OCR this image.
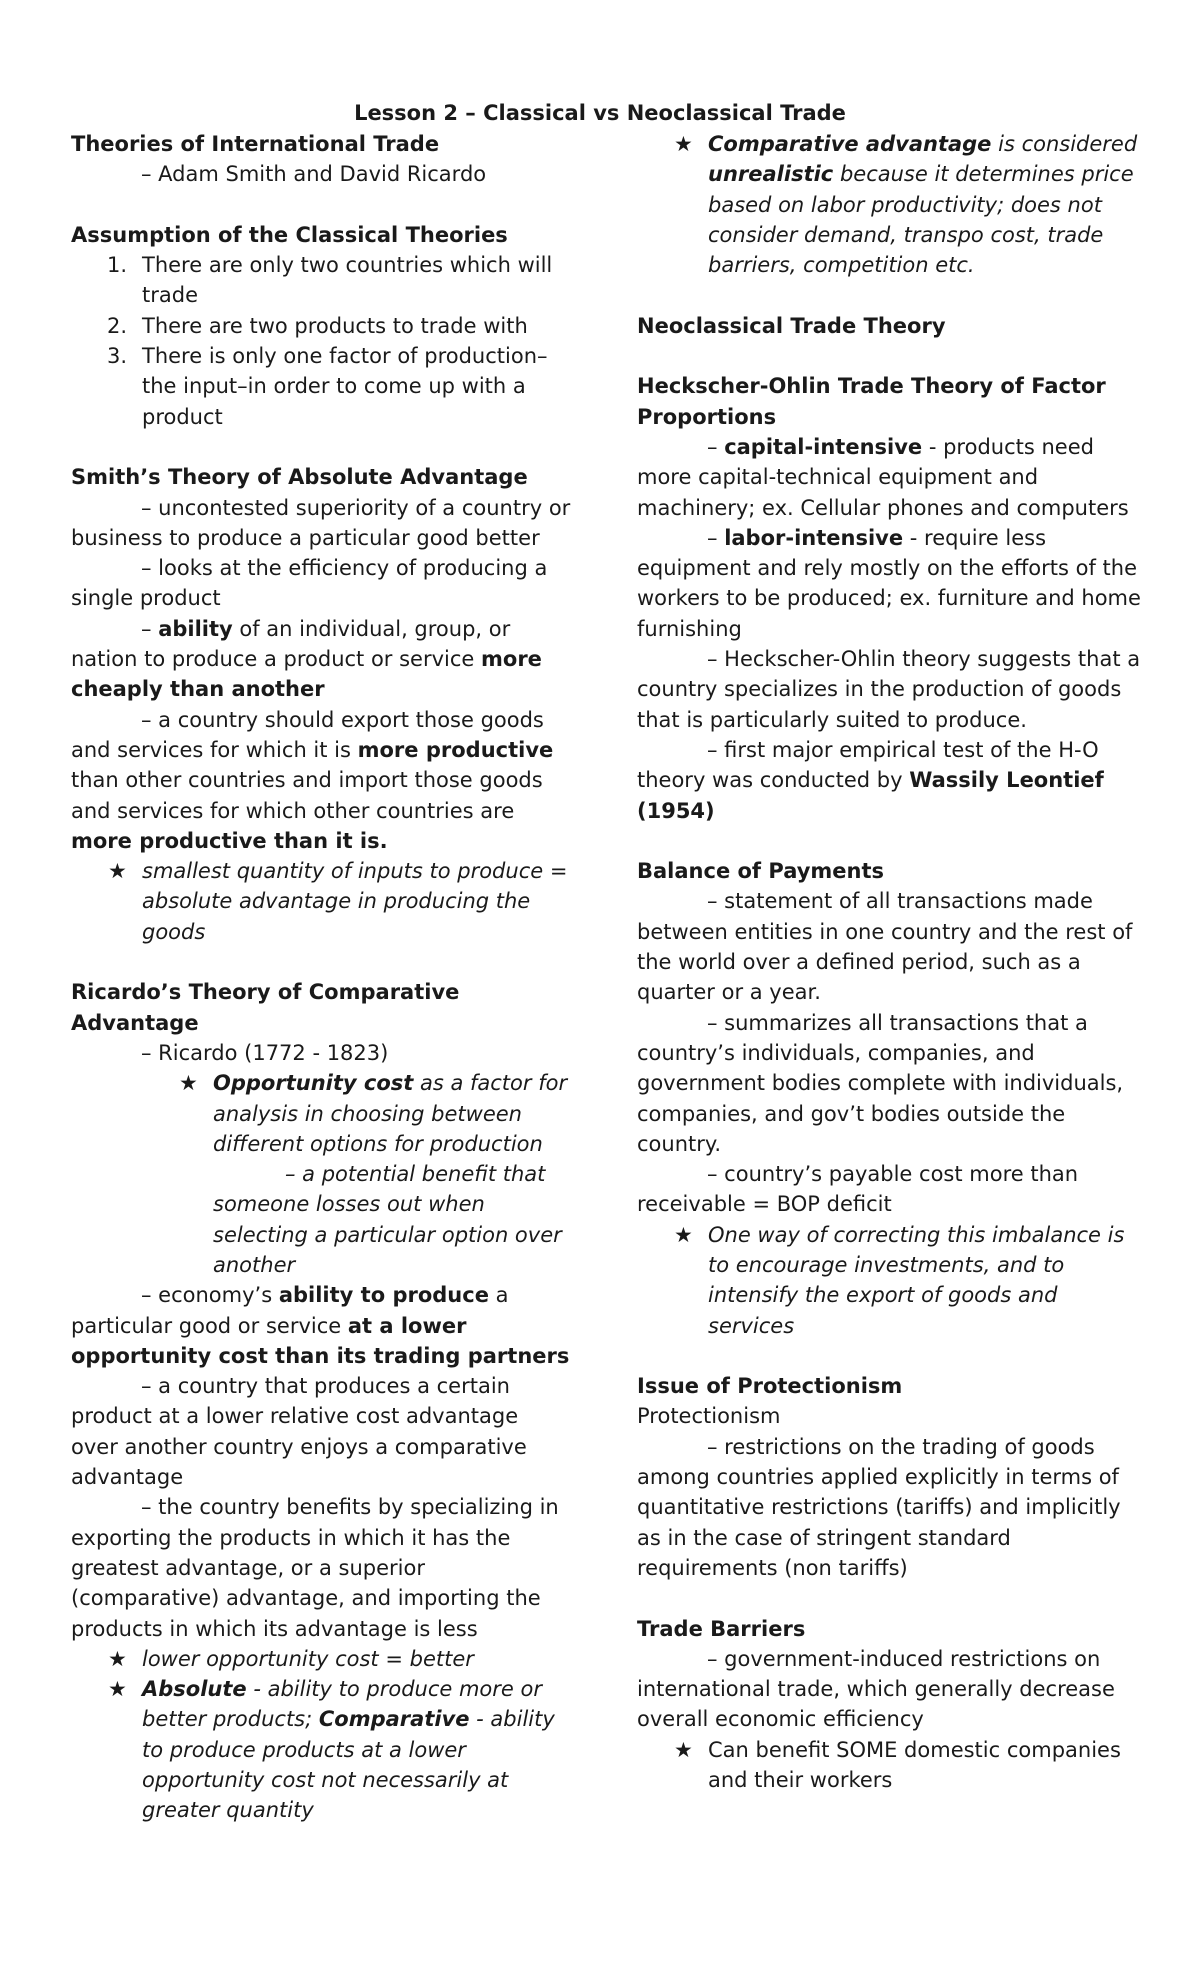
Lesson 2 – Classical vs Neoclassical Trade

Theories of International Trade

– Adam Smith and David Ricardo

Assumption of the Classical Theories

1. There are only two countries which will trade
2. There are two products to trade with
3. There is only one factor of production–the input–in order to come up with a product

Smith’s Theory of Absolute Advantage

– uncontested superiority of a country or business to produce a particular good better

– looks at the efficiency of producing a single product

– ability of an individual, group, or nation to produce a product or service more cheaply than another

– a country should export those goods and services for which it is more productive than other countries and import those goods and services for which other countries are more productive than it is.

★ smallest quantity of inputs to produce = absolute advantage in producing the goods

Ricardo’s Theory of Comparative Advantage

– Ricardo (1772 - 1823)

★ Opportunity cost as a factor for analysis in choosing between different options for production

– a potential benefit that someone losses out when selecting a particular option over another

– economy’s ability to produce a particular good or service at a lower opportunity cost than its trading partners

– a country that produces a certain product at a lower relative cost advantage over another country enjoys a comparative advantage

– the country benefits by specializing in exporting the products in which it has the greatest advantage, or a superior (comparative) advantage, and importing the products in which its advantage is less

★ lower opportunity cost = better

★ Absolute - ability to produce more or better products; Comparative - ability to produce products at a lower opportunity cost not necessarily at greater quantity

★ Comparative advantage is considered unrealistic because it determines price based on labor productivity; does not consider demand, transpo cost, trade barriers, competition etc.

Neoclassical Trade Theory

Heckscher-Ohlin Trade Theory of Factor Proportions

– capital-intensive - products need more capital-technical equipment and machinery; ex. Cellular phones and computers

– labor-intensive - require less equipment and rely mostly on the efforts of the workers to be produced; ex. furniture and home furnishing

– Heckscher-Ohlin theory suggests that a country specializes in the production of goods that is particularly suited to produce.

– first major empirical test of the H-O theory was conducted by Wassily Leontief (1954)

Balance of Payments

– statement of all transactions made between entities in one country and the rest of the world over a defined period, such as a quarter or a year.

– summarizes all transactions that a country’s individuals, companies, and government bodies complete with individuals, companies, and gov’t bodies outside the country.

– country’s payable cost more than receivable = BOP deficit

★ One way of correcting this imbalance is to encourage investments, and to intensify the export of goods and services

Issue of Protectionism

Protectionism

– restrictions on the trading of goods among countries applied explicitly in terms of quantitative restrictions (tariffs) and implicitly as in the case of stringent standard requirements (non tariffs)

Trade Barriers

– government-induced restrictions on international trade, which generally decrease overall economic efficiency

★ Can benefit SOME domestic companies and their workers
